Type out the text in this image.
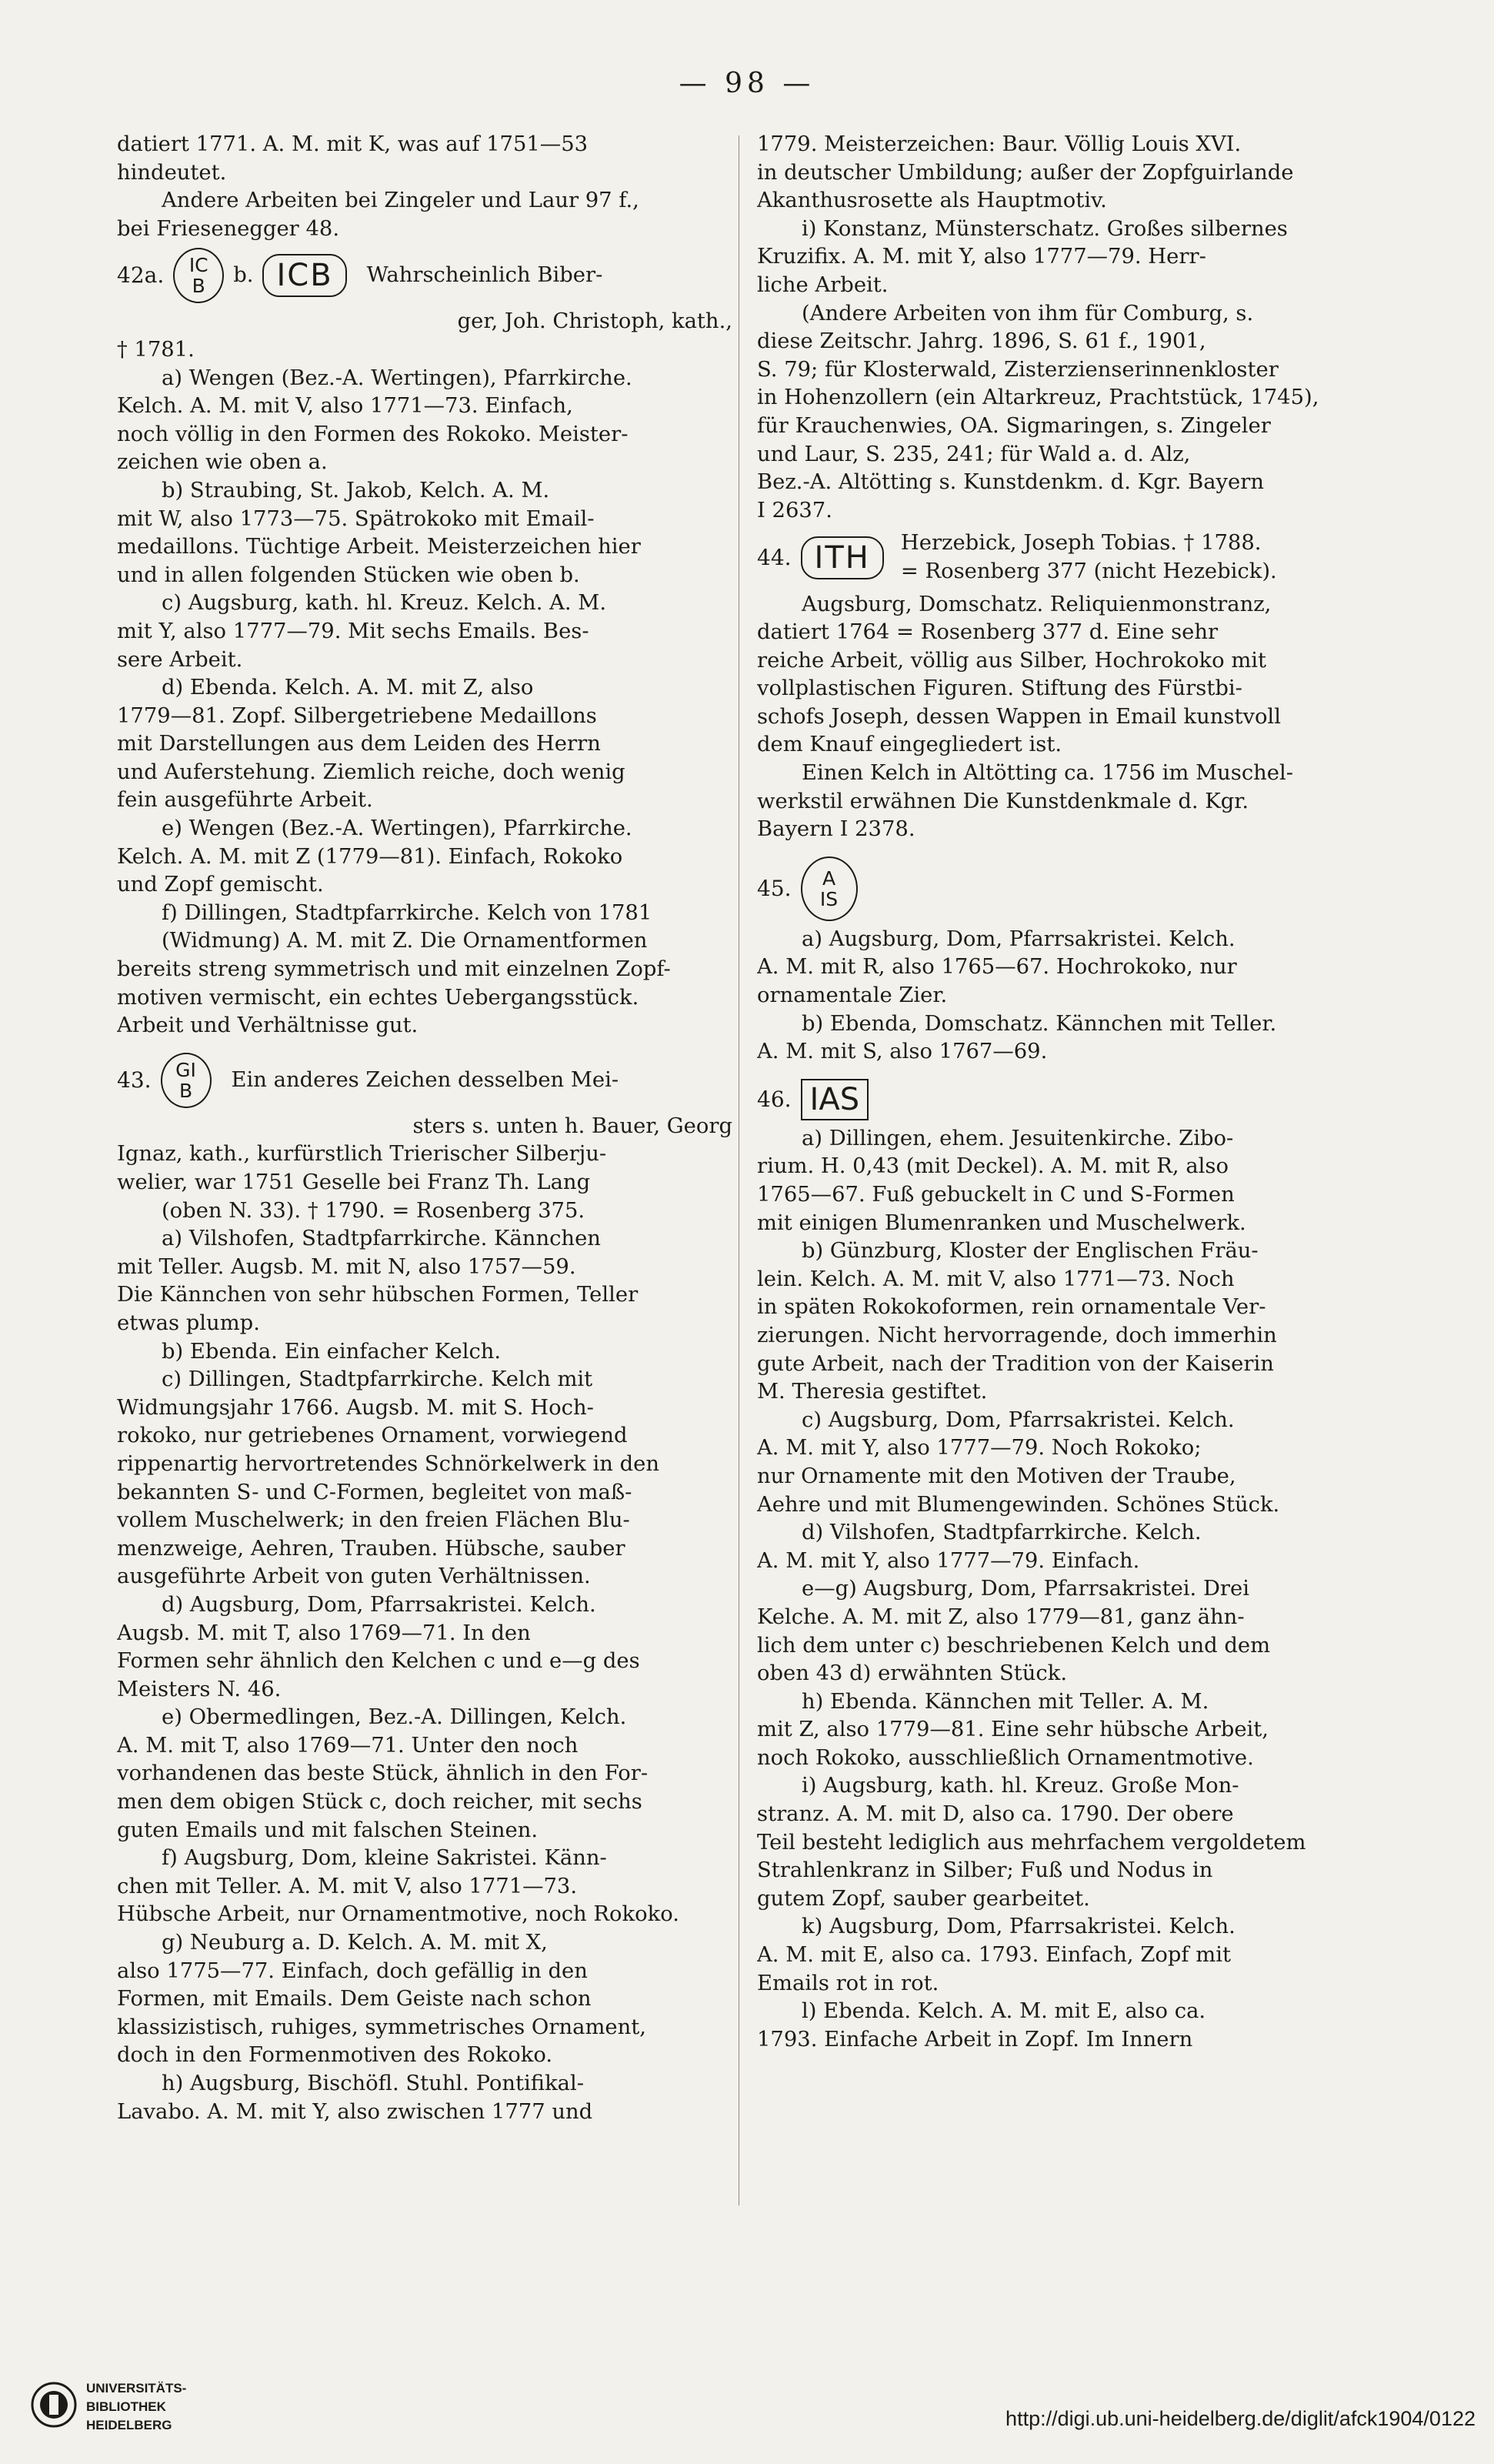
— 98 —

datiert 1771. A. M. mit K, was auf 1751—53

hindeutet.

Andere Arbeiten bei Zingeler und Laur 97 f.,

bei Friesenegger 48.

42a. IC
B b. ICB	Wahrscheinlich Biber-

ger, Joh. Christoph, kath.,

† 1781.

a) Wengen (Bez.-A. Wertingen), Pfarrkirche.

Kelch. A. M. mit V, also 1771—73. Einfach,

noch völlig in den Formen des Rokoko. Meister-

zeichen wie oben a.

b) Straubing, St. Jakob, Kelch. A. M.

mit W, also 1773—75. Spätrokoko mit Email-

medaillons. Tüchtige Arbeit. Meisterzeichen hier

und in allen folgenden Stücken wie oben b.

c) Augsburg, kath. hl. Kreuz. Kelch. A. M.

mit Y, also 1777—79. Mit sechs Emails. Bes-

sere Arbeit.

d) Ebenda. Kelch. A. M. mit Z, also

1779—81. Zopf. Silbergetriebene Medaillons

mit Darstellungen aus dem Leiden des Herrn

und Auferstehung. Ziemlich reiche, doch wenig

fein ausgeführte Arbeit.

e) Wengen (Bez.-A. Wertingen), Pfarrkirche.

Kelch. A. M. mit Z (1779—81). Einfach, Rokoko

und Zopf gemischt.

f) Dillingen, Stadtpfarrkirche. Kelch von 1781

(Widmung) A. M. mit Z. Die Ornamentformen

bereits streng symmetrisch und mit einzelnen Zopf-

motiven vermischt, ein echtes Uebergangsstück.

Arbeit und Verhältnisse gut.

43. GI
B Ein anderes Zeichen desselben Mei-

sters s. unten h. Bauer, Georg

Ignaz, kath., kurfürstlich Trierischer Silberju-

welier, war 1751 Geselle bei Franz Th. Lang

(oben N. 33). † 1790. = Rosenberg 375.

a) Vilshofen, Stadtpfarrkirche. Kännchen

mit Teller. Augsb. M. mit N, also 1757—59.

Die Kännchen von sehr hübschen Formen, Teller

etwas plump.

b) Ebenda. Ein einfacher Kelch.

c) Dillingen, Stadtpfarrkirche. Kelch mit

Widmungsjahr 1766. Augsb. M. mit S. Hoch-

rokoko, nur getriebenes Ornament, vorwiegend

rippenartig hervortretendes Schnörkelwerk in den

bekannten S- und C-Formen, begleitet von maß-

vollem Muschelwerk; in den freien Flächen Blu-

menzweige, Aehren, Trauben. Hübsche, sauber

ausgeführte Arbeit von guten Verhältnissen.

d) Augsburg, Dom, Pfarrsakristei. Kelch.

Augsb. M. mit T, also 1769—71. In den

Formen sehr ähnlich den Kelchen c und e—g des

Meisters N. 46.

e) Obermedlingen, Bez.-A. Dillingen, Kelch.

A. M. mit T, also 1769—71. Unter den noch

vorhandenen das beste Stück, ähnlich in den For-

men dem obigen Stück c, doch reicher, mit sechs

guten Emails und mit falschen Steinen.

f) Augsburg, Dom, kleine Sakristei. Känn-

chen mit Teller. A. M. mit V, also 1771—73.

Hübsche Arbeit, nur Ornamentmotive, noch Rokoko.

g) Neuburg a. D. Kelch. A. M. mit X,

also 1775—77. Einfach, doch gefällig in den

Formen, mit Emails. Dem Geiste nach schon

klassizistisch, ruhiges, symmetrisches Ornament,

doch in den Formenmotiven des Rokoko.

h) Augsburg, Bischöfl. Stuhl. Pontifikal-

Lavabo. A. M. mit Y, also zwischen 1777 und

1779. Meisterzeichen: Baur. Völlig Louis XVI.

in deutscher Umbildung; außer der Zopfguirlande

Akanthusrosette als Hauptmotiv.

i) Konstanz, Münsterschatz. Großes silbernes

Kruzifix. A. M. mit Y, also 1777—79. Herr-

liche Arbeit.

(Andere Arbeiten von ihm für Comburg, s.

diese Zeitschr. Jahrg. 1896, S. 61 f., 1901,

S. 79; für Klosterwald, Zisterzienserinnenkloster

in Hohenzollern (ein Altarkreuz, Prachtstück, 1745),

für Krauchenwies, OA. Sigmaringen, s. Zingeler

und Laur, S. 235, 241; für Wald a. d. Alz,

Bez.-A. Altötting s. Kunstdenkm. d. Kgr. Bayern

I 2637.

44. ITH	Herzebick, Joseph Tobias. † 1788.
= Rosenberg 377 (nicht Hezebick).

Augsburg, Domschatz. Reliquienmonstranz,

datiert 1764 = Rosenberg 377 d. Eine sehr

reiche Arbeit, völlig aus Silber, Hochrokoko mit

vollplastischen Figuren. Stiftung des Fürstbi-

schofs Joseph, dessen Wappen in Email kunstvoll

dem Knauf eingegliedert ist.

Einen Kelch in Altötting ca. 1756 im Muschel-

werkstil erwähnen Die Kunstdenkmale d. Kgr.

Bayern I 2378.

45. A
IS

a) Augsburg, Dom, Pfarrsakristei. Kelch.

A. M. mit R, also 1765—67. Hochrokoko, nur

ornamentale Zier.

b) Ebenda, Domschatz. Kännchen mit Teller.

A. M. mit S, also 1767—69.

46. IAS

a) Dillingen, ehem. Jesuitenkirche. Zibo-

rium. H. 0,43 (mit Deckel). A. M. mit R, also

1765—67. Fuß gebuckelt in C und S-Formen

mit einigen Blumenranken und Muschelwerk.

b) Günzburg, Kloster der Englischen Fräu-

lein. Kelch. A. M. mit V, also 1771—73. Noch

in späten Rokokoformen, rein ornamentale Ver-

zierungen. Nicht hervorragende, doch immerhin

gute Arbeit, nach der Tradition von der Kaiserin

M. Theresia gestiftet.

c) Augsburg, Dom, Pfarrsakristei. Kelch.

A. M. mit Y, also 1777—79. Noch Rokoko;

nur Ornamente mit den Motiven der Traube,

Aehre und mit Blumengewinden. Schönes Stück.

d) Vilshofen, Stadtpfarrkirche. Kelch.

A. M. mit Y, also 1777—79. Einfach.

e—g) Augsburg, Dom, Pfarrsakristei. Drei

Kelche. A. M. mit Z, also 1779—81, ganz ähn-

lich dem unter c) beschriebenen Kelch und dem

oben 43 d) erwähnten Stück.

h) Ebenda. Kännchen mit Teller. A. M.

mit Z, also 1779—81. Eine sehr hübsche Arbeit,

noch Rokoko, ausschließlich Ornamentmotive.

i) Augsburg, kath. hl. Kreuz. Große Mon-

stranz. A. M. mit D, also ca. 1790. Der obere

Teil besteht lediglich aus mehrfachem vergoldetem

Strahlenkranz in Silber; Fuß und Nodus in

gutem Zopf, sauber gearbeitet.

k) Augsburg, Dom, Pfarrsakristei. Kelch.

A. M. mit E, also ca. 1793. Einfach, Zopf mit

Emails rot in rot.

l) Ebenda. Kelch. A. M. mit E, also ca.

1793. Einfache Arbeit in Zopf. Im Innern

UNIVERSITÄTS-
BIBLIOTHEK
HEIDELBERG	http://digi.ub.uni-heidelberg.de/diglit/afck1904/0122
